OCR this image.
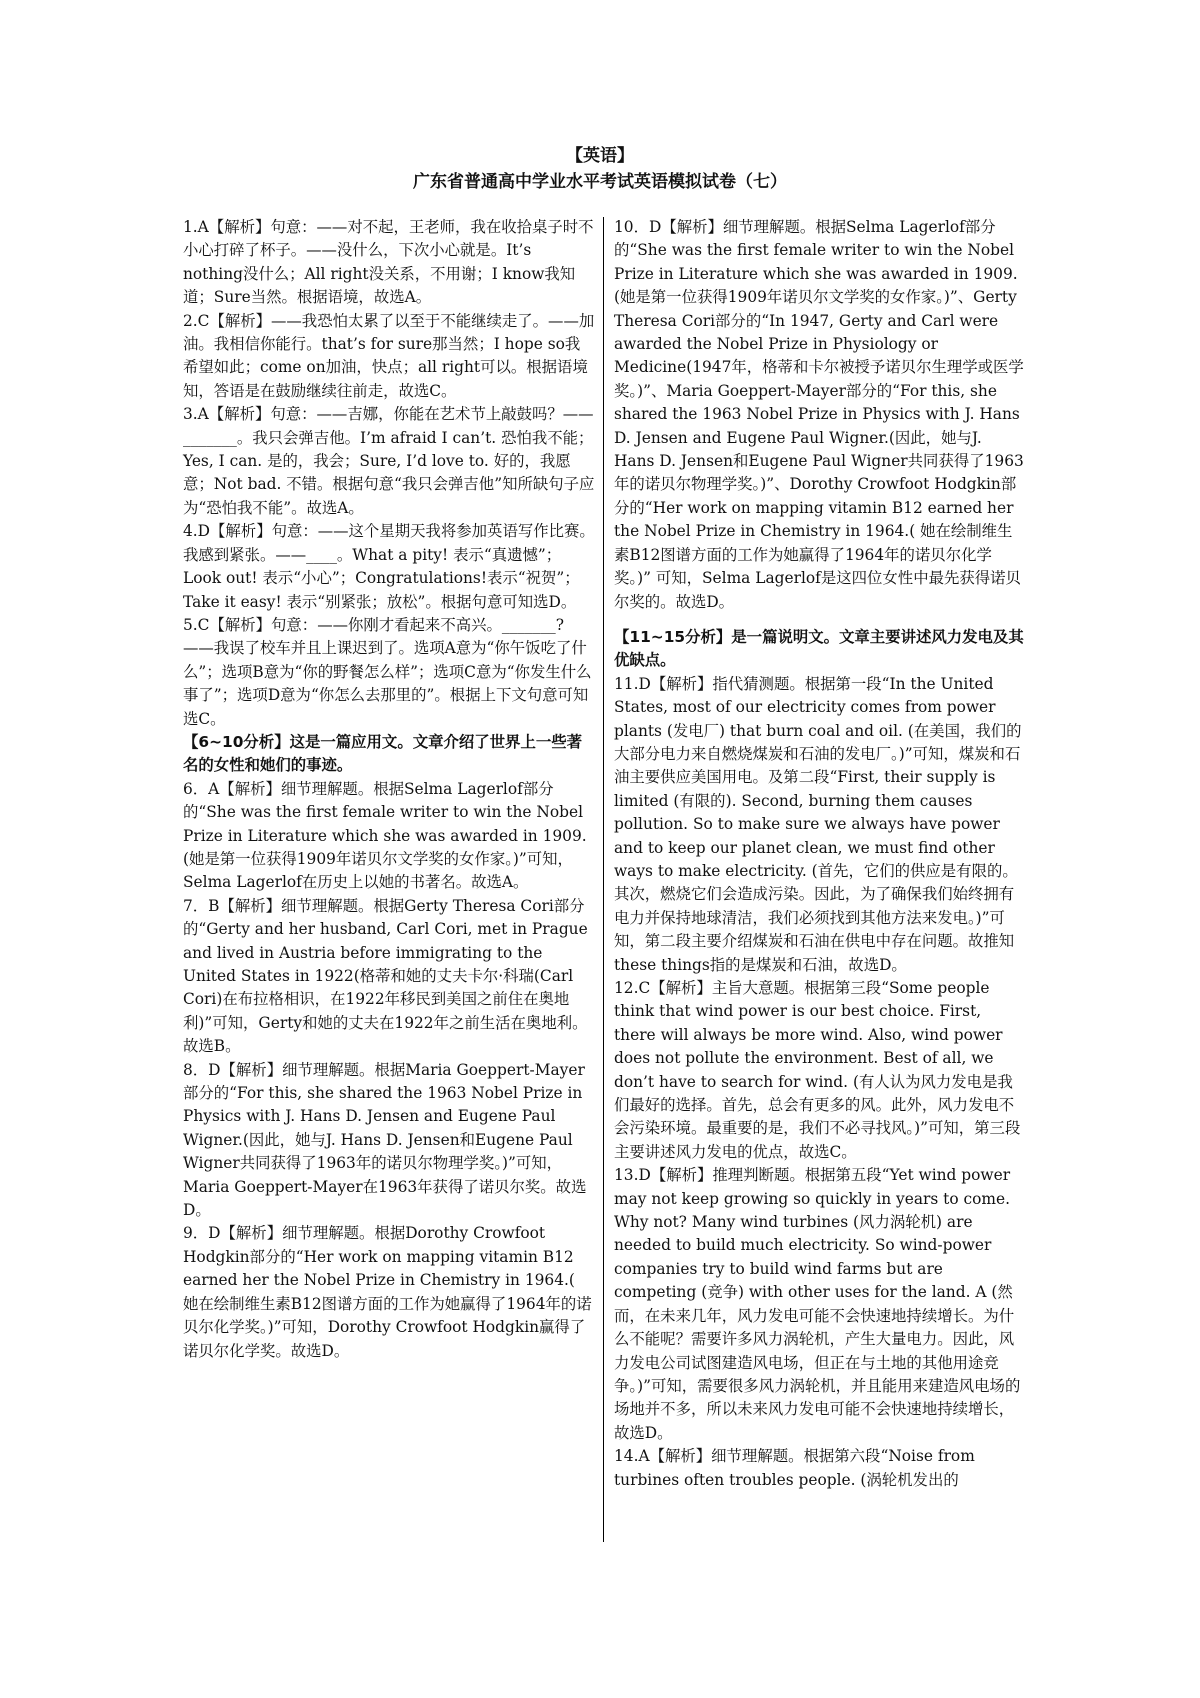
【英语】
广东省普通高中学业水平考试英语模拟试卷（七）
1.A【解析】句意：——对不起，王老师，我在收拾桌子时不小心打碎了杯子。——没什么，下次小心就是。It’s nothing没什么；All right没关系，不用谢；I know我知道；Sure当然。根据语境，故选A。
2.C【解析】——我恐怕太累了以至于不能继续走了。——加油。我相信你能行。that’s for sure那当然；I hope so我希望如此；come on加油，快点；all right可以。根据语境知，答语是在鼓励继续往前走，故选C。
3.A【解析】句意：——吉娜，你能在艺术节上敲鼓吗？——_______。我只会弹吉他。I’m afraid I can’t. 恐怕我不能；Yes, I can. 是的，我会；Sure, I’d love to. 好的，我愿意；Not bad. 不错。根据句意“我只会弹吉他”知所缺句子应为“恐怕我不能”。故选A。
4.D【解析】句意：——这个星期天我将参加英语写作比赛。我感到紧张。——____。What a pity! 表示“真遗憾”；Look out! 表示“小心”；Congratulations!表示“祝贺”；Take it easy! 表示“别紧张；放松”。根据句意可知选D。
5.C【解析】句意：——你刚才看起来不高兴。_______? ——我误了校车并且上课迟到了。选项A意为“你午饭吃了什么”；选项B意为“你的野餐怎么样”；选项C意为“你发生什么事了”；选项D意为“你怎么去那里的”。根据上下文句意可知选C。
【6~10分析】这是一篇应用文。文章介绍了世界上一些著名的女性和她们的事迹。
6．A【解析】细节理解题。根据Selma Lagerlof部分的“She was the first female writer to win the Nobel Prize in Literature which she was awarded in 1909.(她是第一位获得1909年诺贝尔文学奖的女作家。)”可知，Selma Lagerlof在历史上以她的书著名。故选A。
7．B【解析】细节理解题。根据Gerty Theresa Cori部分的“Gerty and her husband, Carl Cori, met in Prague and lived in Austria before immigrating to the United States in 1922(格蒂和她的丈夫卡尔·科瑞(Carl Cori)在布拉格相识，在1922年移民到美国之前住在奥地利)”可知，Gerty和她的丈夫在1922年之前生活在奥地利。故选B。
8．D【解析】细节理解题。根据Maria Goeppert-Mayer部分的“For this, she shared the 1963 Nobel Prize in Physics with J. Hans D. Jensen and Eugene Paul Wigner.(因此，她与J. Hans D. Jensen和Eugene Paul Wigner共同获得了1963年的诺贝尔物理学奖。)”可知，Maria Goeppert-Mayer在1963年获得了诺贝尔奖。故选D。
9．D【解析】细节理解题。根据Dorothy Crowfoot Hodgkin部分的“Her work on mapping vitamin B12 earned her the Nobel Prize in Chemistry in 1964.( 她在绘制维生素B12图谱方面的工作为她赢得了1964年的诺贝尔化学奖。)”可知，Dorothy Crowfoot Hodgkin赢得了诺贝尔化学奖。故选D。
10．D【解析】细节理解题。根据Selma Lagerlof部分的“She was the first female writer to win the Nobel Prize in Literature which she was awarded in 1909.(她是第一位获得1909年诺贝尔文学奖的女作家。)”、Gerty Theresa Cori部分的“In 1947, Gerty and Carl were awarded the Nobel Prize in Physiology or Medicine(1947年，格蒂和卡尔被授予诺贝尔生理学或医学奖。)”、Maria Goeppert-Mayer部分的“For this, she shared the 1963 Nobel Prize in Physics with J. Hans D. Jensen and Eugene Paul Wigner.(因此，她与J. Hans D. Jensen和Eugene Paul Wigner共同获得了1963年的诺贝尔物理学奖。)”、Dorothy Crowfoot Hodgkin部分的“Her work on mapping vitamin B12 earned her the Nobel Prize in Chemistry in 1964.( 她在绘制维生素B12图谱方面的工作为她赢得了1964年的诺贝尔化学奖。)” 可知，Selma Lagerlof是这四位女性中最先获得诺贝尔奖的。故选D。
【11~15分析】是一篇说明文。文章主要讲述风力发电及其优缺点。
11.D【解析】指代猜测题。根据第一段“In the United States, most of our electricity comes from power plants (发电厂) that burn coal and oil. (在美国，我们的大部分电力来自燃烧煤炭和石油的发电厂。)”可知，煤炭和石油主要供应美国用电。及第二段“First, their supply is limited (有限的). Second, burning them causes pollution. So to make sure we always have power and to keep our planet clean, we must find other ways to make electricity. (首先，它们的供应是有限的。其次，燃烧它们会造成污染。因此，为了确保我们始终拥有电力并保持地球清洁，我们必须找到其他方法来发电。)”可知，第二段主要介绍煤炭和石油在供电中存在问题。故推知these things指的是煤炭和石油，故选D。
12.C【解析】主旨大意题。根据第三段“Some people think that wind power is our best choice. First, there will always be more wind. Also, wind power does not pollute the environment. Best of all, we don’t have to search for wind. (有人认为风力发电是我们最好的选择。首先，总会有更多的风。此外，风力发电不会污染环境。最重要的是，我们不必寻找风。)”可知，第三段主要讲述风力发电的优点，故选C。
13.D【解析】推理判断题。根据第五段“Yet wind power may not keep growing so quickly in years to come. Why not? Many wind turbines (风力涡轮机) are needed to build much electricity. So wind-power companies try to build wind farms but are competing (竞争) with other uses for the land. A (然而，在未来几年，风力发电可能不会快速地持续增长。为什么不能呢？需要许多风力涡轮机，产生大量电力。因此，风力发电公司试图建造风电场，但正在与土地的其他用途竞争。)”可知，需要很多风力涡轮机，并且能用来建造风电场的场地并不多，所以未来风力发电可能不会快速地持续增长，故选D。
14.A【解析】细节理解题。根据第六段“Noise from turbines often troubles people. (涡轮机发出的
